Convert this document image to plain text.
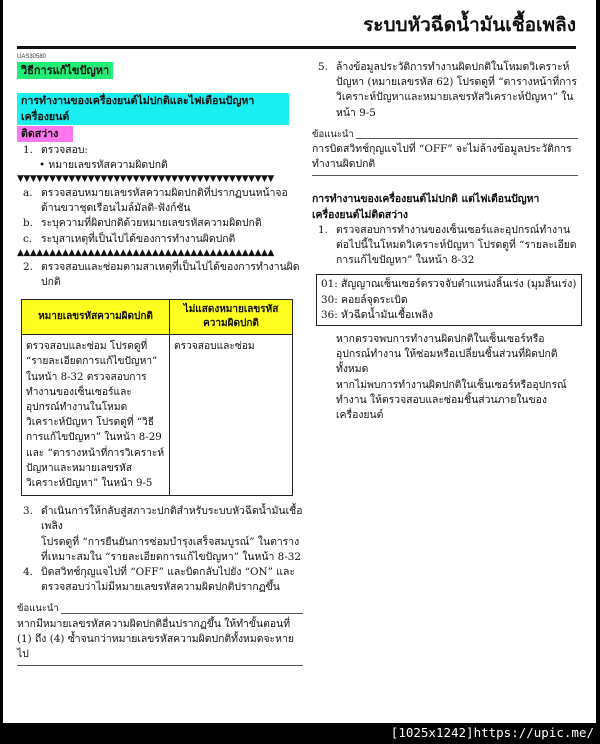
ระบบหัวฉีดน้ำมันเชื้อเพลิง
UAS30580
วิธีการแก้ไขปัญหา
การทำงานของเครื่องยนต์ไม่ปกติและไฟเตือนปัญหาเครื่องยนต์
ติดสว่าง
1. ตรวจสอบ:
• หมายเลขรหัสความผิดปกติ
▼▼▼▼▼▼▼▼▼▼▼▼▼▼▼▼▼▼▼▼▼▼▼▼▼▼▼▼▼▼▼▼▼▼▼▼▼▼▼▼
a. ตรวจสอบหมายเลขรหัสความผิดปกติที่ปรากฏบนหน้าจอด้านขวาชุดเรือนไมล์มัลติ-ฟังก์ชัน
b. ระบุความที่ผิดปกติด้วยหมายเลขรหัสความผิดปกติ
c. ระบุสาเหตุที่เป็นไปได้ของการทำงานผิดปกติ
▲▲▲▲▲▲▲▲▲▲▲▲▲▲▲▲▲▲▲▲▲▲▲▲▲▲▲▲▲▲▲▲▲▲▲▲▲▲▲▲
2. ตรวจสอบและซ่อมตามสาเหตุที่เป็นไปได้ของการทำงานผิดปกติ
หมายเลขรหัสความผิดปกติ	ไม่แสดงหมายเลขรหัสความผิดปกติ
ตรวจสอบและซ่อม โปรดดูที่ “รายละเอียดการแก้ไขปัญหา” ในหน้า 8-32 ตรวจสอบการทำงานของเซ็นเซอร์และอุปกรณ์ทำงานในโหมดวิเคราะห์ปัญหา โปรดดูที่ “วิธีการแก้ไขปัญหา” ในหน้า 8-29 และ “ตารางหน้าที่การวิเคราะห์ปัญหาและหมายเลขรหัสวิเคราะห์ปัญหา” ในหน้า 9-5	ตรวจสอบและซ่อม
3. ดำเนินการให้กลับสู่สภาวะปกติสำหรับระบบหัวฉีดน้ำมันเชื้อเพลิง
โปรดดูที่ “การยืนยันการซ่อมบำรุงเสร็จสมบูรณ์” ในตารางที่เหมาะสมใน “รายละเอียดการแก้ไขปัญหา” ในหน้า 8-32
4. บิดสวิทช์กุญแจไปที่ “OFF” และบิดกลับไปยัง “ON” และตรวจสอบว่าไม่มีหมายเลขรหัสความผิดปกติปรากฏขึ้น
ข้อแนะนำ
หากมีหมายเลขรหัสความผิดปกติอื่นปรากฏขึ้น ให้ทำขั้นตอนที่ (1) ถึง (4) ซ้ำจนกว่าหมายเลขรหัสความผิดปกติทั้งหมดจะหายไป
5. ล้างข้อมูลประวัติการทำงานผิดปกติในโหมดวิเคราะห์ปัญหา (หมายเลขรหัส 62) โปรดดูที่ “ตารางหน้าที่การวิเคราะห์ปัญหาและหมายเลขรหัสวิเคราะห์ปัญหา” ในหน้า 9-5
ข้อแนะนำ
การบิดสวิทช์กุญแจไปที่ “OFF” จะไม่ล้างข้อมูลประวัติการทำงานผิดปกติ
การทำงานของเครื่องยนต์ไม่ปกติ แต่ไฟเตือนปัญหาเครื่องยนต์ไม่ติดสว่าง
1. ตรวจสอบการทำงานของเซ็นเซอร์และอุปกรณ์ทำงานต่อไปนี้ในโหมดวิเคราะห์ปัญหา โปรดดูที่ “รายละเอียดการแก้ไขปัญหา” ในหน้า 8-32
01: สัญญาณเซ็นเซอร์ตรวจจับตำแหน่งลิ้นเร่ง (มุมลิ้นเร่ง)
30: คอยล์จุดระเบิด
36: หัวฉีดน้ำมันเชื้อเพลิง
หากตรวจพบการทำงานผิดปกติในเซ็นเซอร์หรืออุปกรณ์ทำงาน ให้ซ่อมหรือเปลี่ยนชิ้นส่วนที่ผิดปกติทั้งหมด
หากไม่พบการทำงานผิดปกติในเซ็นเซอร์หรืออุปกรณ์ทำงาน ให้ตรวจสอบและซ่อมชิ้นส่วนภายในของเครื่องยนต์
[1025x1242]https://upic.me/
